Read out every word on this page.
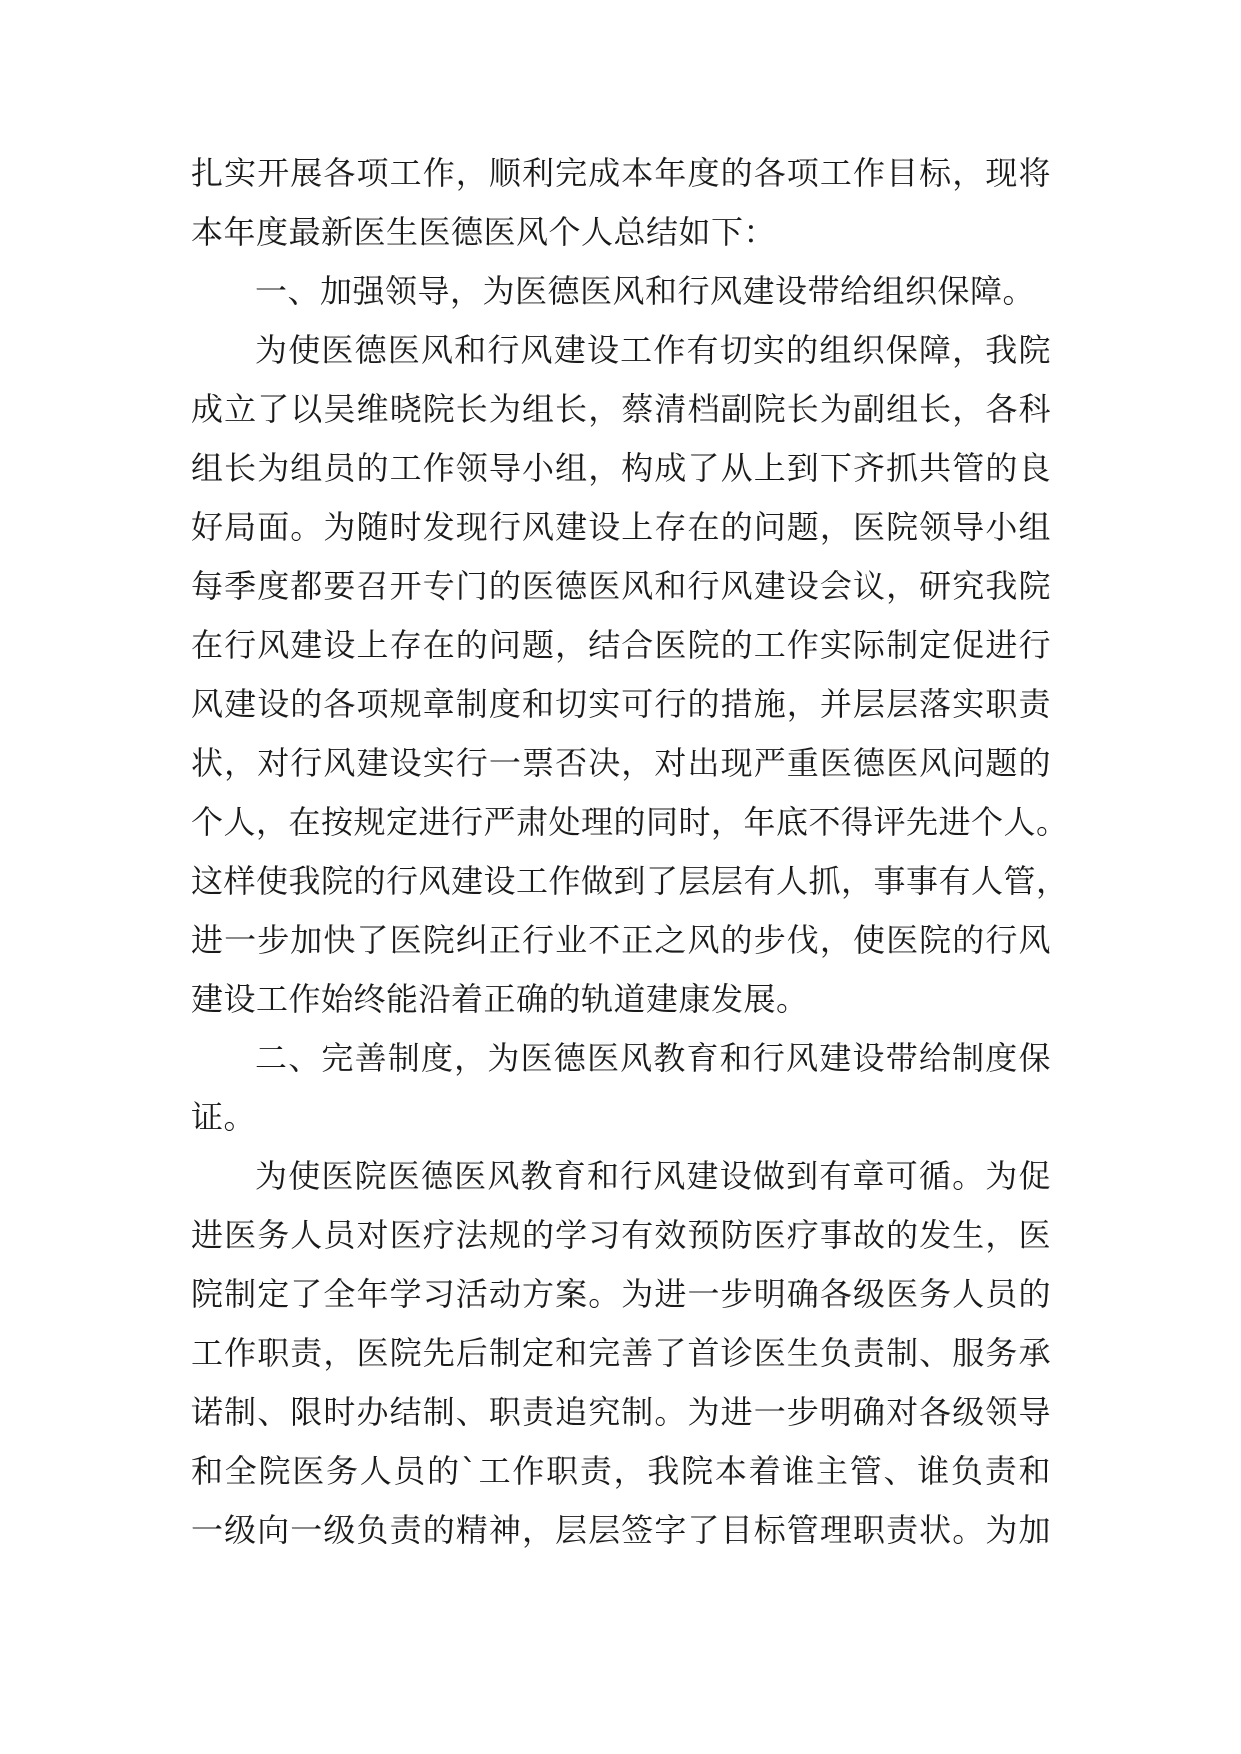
扎实开展各项工作，顺利完成本年度的各项工作目标，现将
本年度最新医生医德医风个人总结如下：
一、加强领导，为医德医风和行风建设带给组织保障。
为使医德医风和行风建设工作有切实的组织保障，我院
成立了以吴维晓院长为组长，蔡清档副院长为副组长，各科
组长为组员的工作领导小组，构成了从上到下齐抓共管的良
好局面。为随时发现行风建设上存在的问题，医院领导小组
每季度都要召开专门的医德医风和行风建设会议，研究我院
在行风建设上存在的问题，结合医院的工作实际制定促进行
风建设的各项规章制度和切实可行的措施，并层层落实职责
状，对行风建设实行一票否决，对出现严重医德医风问题的
个人，在按规定进行严肃处理的同时，年底不得评先进个人。
这样使我院的行风建设工作做到了层层有人抓，事事有人管，
进一步加快了医院纠正行业不正之风的步伐，使医院的行风
建设工作始终能沿着正确的轨道建康发展。
二、完善制度，为医德医风教育和行风建设带给制度保
证。
为使医院医德医风教育和行风建设做到有章可循。为促
进医务人员对医疗法规的学习有效预防医疗事故的发生，医
院制定了全年学习活动方案。为进一步明确各级医务人员的
工作职责，医院先后制定和完善了首诊医生负责制、服务承
诺制、限时办结制、职责追究制。为进一步明确对各级领导
和全院医务人员的`工作职责，我院本着谁主管、谁负责和
一级向一级负责的精神，层层签字了目标管理职责状。为加
